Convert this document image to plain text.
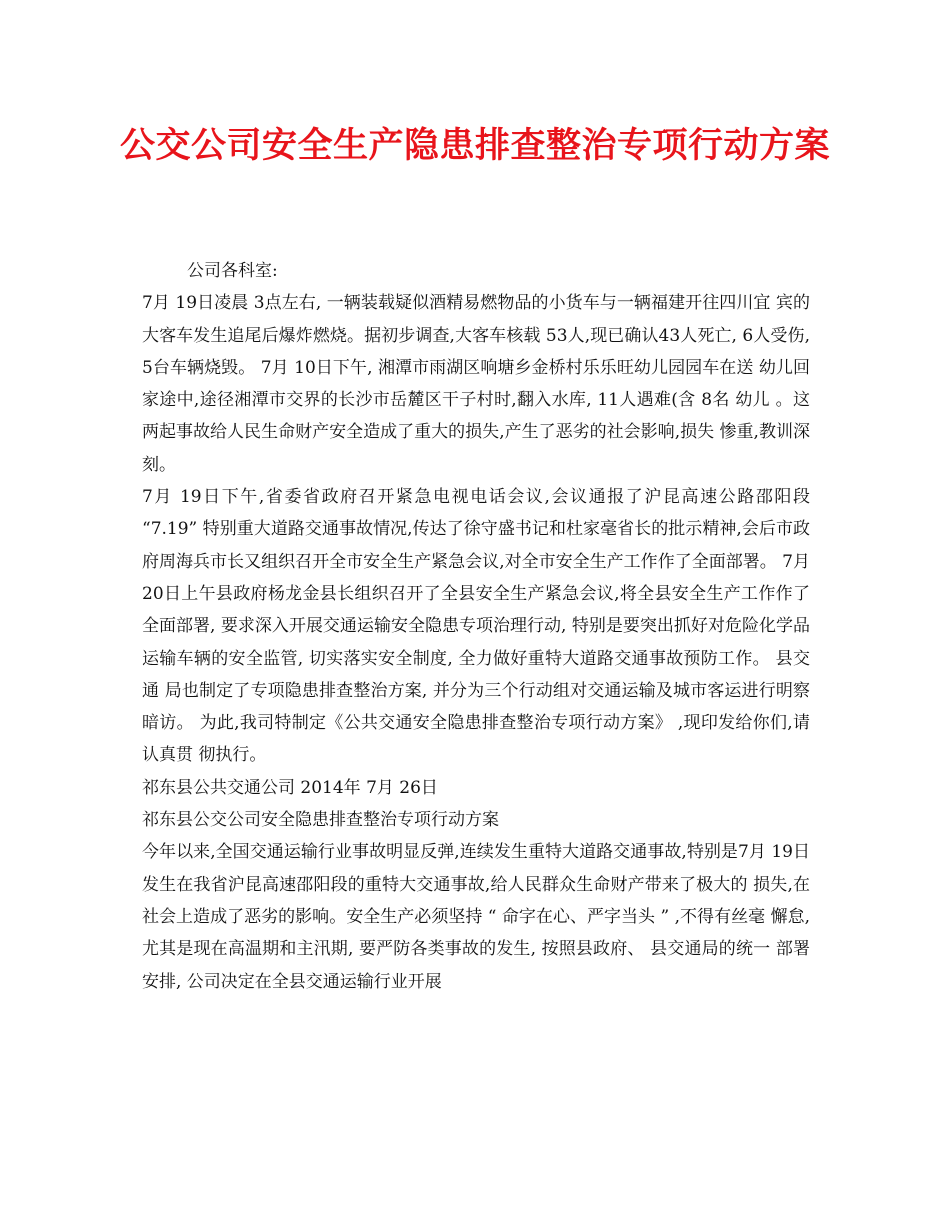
公交公司安全生产隐患排查整治专项行动方案

公司各科室:

7月 19日凌晨 3点左右, 一辆装载疑似酒精易燃物品的小货车与一辆福建开往四川宜 宾的大客车发生追尾后爆炸燃烧。据初步调查,大客车核载 53人,现已确认43人死亡, 6人受伤, 5台车辆烧毁。 7月 10日下午, 湘潭市雨湖区响塘乡金桥村乐乐旺幼儿园园车在送 幼儿回家途中,途径湘潭市交界的长沙市岳麓区干子村时,翻入水库, 11人遇难(含 8名 幼儿 。这两起事故给人民生命财产安全造成了重大的损失,产生了恶劣的社会影响,损失 惨重,教训深刻。

7月 19日下午,省委省政府召开紧急电视电话会议,会议通报了沪昆高速公路邵阳段 “7.19” 特别重大道路交通事故情况,传达了徐守盛书记和杜家毫省长的批示精神,会后市政 府周海兵市长又组织召开全市安全生产紧急会议,对全市安全生产工作作了全面部署。 7月 20日上午县政府杨龙金县长组织召开了全县安全生产紧急会议,将全县安全生产工作作了 全面部署, 要求深入开展交通运输安全隐患专项治理行动, 特别是要突出抓好对危险化学品 运输车辆的安全监管, 切实落实安全制度, 全力做好重特大道路交通事故预防工作。 县交通 局也制定了专项隐患排查整治方案, 并分为三个行动组对交通运输及城市客运进行明察暗访。 为此,我司特制定《公共交通安全隐患排查整治专项行动方案》 ,现印发给你们,请认真贯 彻执行。

祁东县公共交通公司 2014年 7月 26日

祁东县公交公司安全隐患排查整治专项行动方案

今年以来,全国交通运输行业事故明显反弹,连续发生重特大道路交通事故,特别是7月 19日发生在我省沪昆高速邵阳段的重特大交通事故,给人民群众生命财产带来了极大的 损失,在社会上造成了恶劣的影响。安全生产必须坚持 “ 命字在心、严字当头 ” ,不得有丝毫 懈怠, 尤其是现在高温期和主汛期, 要严防各类事故的发生, 按照县政府、 县交通局的统一 部署安排, 公司决定在全县交通运输行业开展
